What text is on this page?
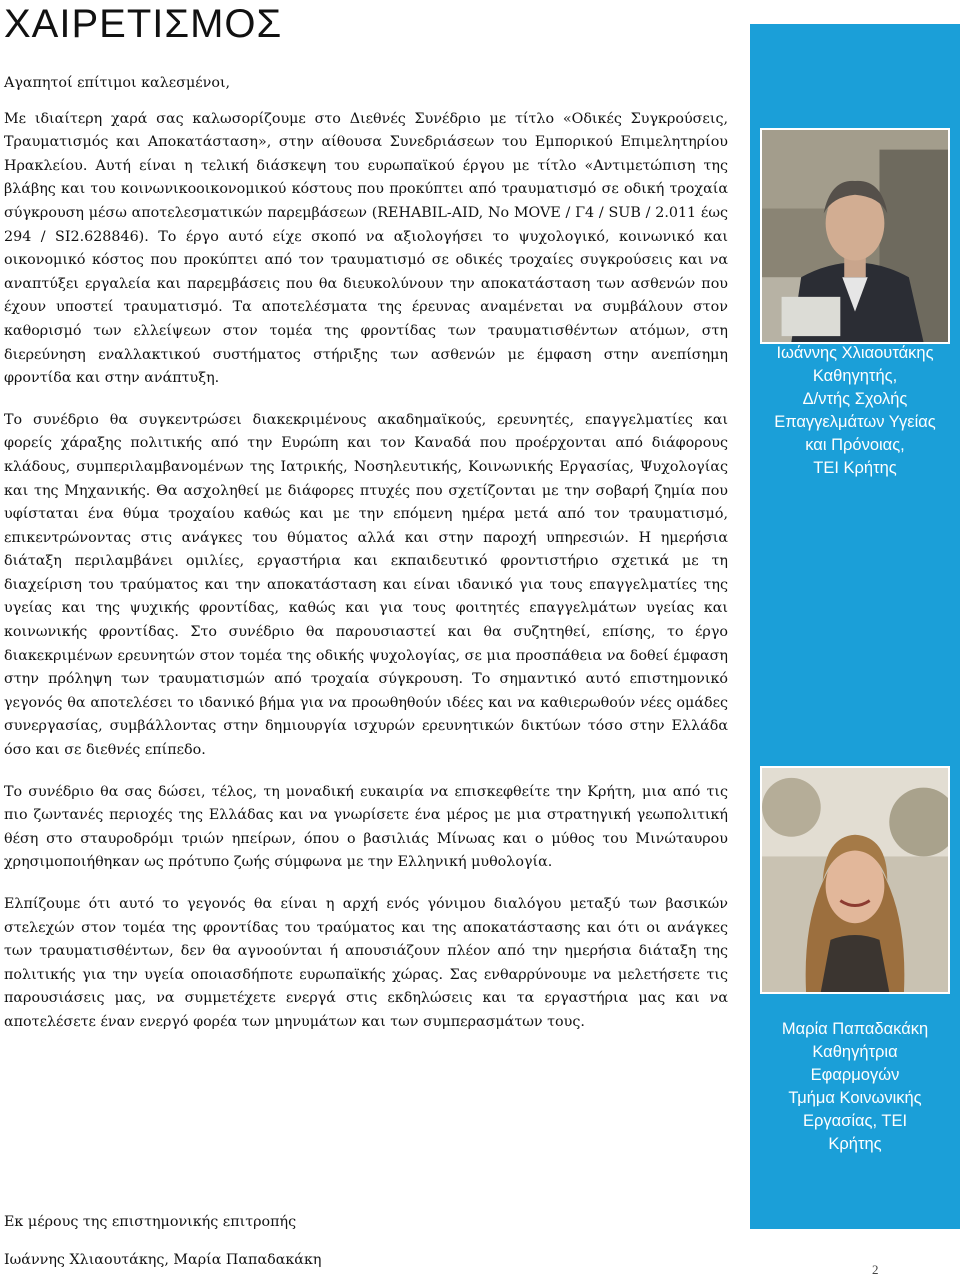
ΧΑΙΡΕΤΙΣΜΟΣ

Αγαπητοί επίτιμοι καλεσμένοι,

Με ιδιαίτερη χαρά σας καλωσορίζουμε στο Διεθνές Συνέδριο με τίτλο «Οδικές Συγκρούσεις, Τραυματισμός και Αποκατάσταση», στην αίθουσα Συνεδριάσεων του Εμπορικού Επιμελητηρίου Ηρακλείου. Αυτή είναι η τελική διάσκεψη του ευρωπαϊκού έργου με τίτλο «Αντιμετώπιση της βλάβης και του κοινωνικοοικονομικού κόστους που προκύπτει από τραυματισμό σε οδική τροχαία σύγκρουση μέσω αποτελεσματικών παρεμβάσεων (REHABIL-AID, No MOVE / Γ4 / SUB / 2.011 έως 294 / SI2.628846). Το έργο αυτό είχε σκοπό να αξιολογήσει το ψυχολογικό, κοινωνικό και οικονομικό κόστος που προκύπτει από τον τραυματισμό σε οδικές τροχαίες συγκρούσεις και να αναπτύξει εργαλεία και παρεμβάσεις που θα διευκολύνουν την αποκατάσταση των ασθενών που έχουν υποστεί τραυματισμό. Τα αποτελέσματα της έρευνας αναμένεται να συμβάλουν στον καθορισμό των ελλείψεων στον τομέα της φροντίδας των τραυματισθέντων ατόμων, στη διερεύνηση εναλλακτικού συστήματος στήριξης των ασθενών με έμφαση στην ανεπίσημη φροντίδα και στην ανάπτυξη.

Το συνέδριο θα συγκεντρώσει διακεκριμένους ακαδημαϊκούς, ερευνητές, επαγγελματίες και φορείς χάραξης πολιτικής από την Ευρώπη και τον Καναδά που προέρχονται από διάφορους κλάδους, συμπεριλαμβανομένων της Ιατρικής, Νοσηλευτικής, Κοινωνικής Εργασίας, Ψυχολογίας και της Μηχανικής. Θα ασχοληθεί με διάφορες πτυχές που σχετίζονται με την σοβαρή ζημία που υφίσταται ένα θύμα τροχαίου καθώς και με την επόμενη ημέρα μετά από τον τραυματισμό, επικεντρώνοντας στις ανάγκες του θύματος αλλά και στην παροχή υπηρεσιών. Η ημερήσια διάταξη περιλαμβάνει ομιλίες, εργαστήρια και εκπαιδευτικό φροντιστήριο σχετικά με τη διαχείριση του τραύματος και την αποκατάσταση και είναι ιδανικό για τους επαγγελματίες της υγείας και της ψυχικής φροντίδας, καθώς και για τους φοιτητές επαγγελμάτων υγείας και κοινωνικής φροντίδας. Στο συνέδριο θα παρουσιαστεί και θα συζητηθεί, επίσης, το έργο διακεκριμένων ερευνητών στον τομέα της οδικής ψυχολογίας, σε μια προσπάθεια να δοθεί έμφαση στην πρόληψη των τραυματισμών από τροχαία σύγκρουση. Το σημαντικό αυτό επιστημονικό γεγονός θα αποτελέσει το ιδανικό βήμα για να προωθηθούν ιδέες και να καθιερωθούν νέες ομάδες συνεργασίας, συμβάλλοντας στην δημιουργία ισχυρών ερευνητικών δικτύων τόσο στην Ελλάδα όσο και σε διεθνές επίπεδο.

Το συνέδριο θα σας δώσει, τέλος, τη μοναδική ευκαιρία να επισκεφθείτε την Κρήτη, μια από τις πιο ζωντανές περιοχές της Ελλάδας και να γνωρίσετε ένα μέρος με μια στρατηγική γεωπολιτική θέση στο σταυροδρόμι τριών ηπείρων, όπου ο βασιλιάς Μίνωας και ο μύθος του Μινώταυρου χρησιμοποιήθηκαν ως πρότυπο ζωής σύμφωνα με την Ελληνική μυθολογία.

Ελπίζουμε ότι αυτό το γεγονός θα είναι η αρχή ενός γόνιμου διαλόγου μεταξύ των βασικών στελεχών στον τομέα της φροντίδας του τραύματος και της αποκατάστασης και ότι οι ανάγκες των τραυματισθέντων, δεν θα αγνοούνται ή απουσιάζουν πλέον από την ημερήσια διάταξη της πολιτικής για την υγεία οποιασδήποτε ευρωπαϊκής χώρας. Σας ενθαρρύνουμε να μελετήσετε τις παρουσιάσεις μας, να συμμετέχετε ενεργά στις εκδηλώσεις και τα εργαστήρια μας και να αποτελέσετε έναν ενεργό φορέα των μηνυμάτων και των συμπερασμάτων τους.

Εκ μέρους της επιστημονικής επιτροπής
Ιωάννης Χλιαουτάκης, Μαρία Παπαδακάκη
Ιωάννης Χλιαουτάκης
Καθηγητής,
Δ/ντής Σχολής
Επαγγελμάτων Υγείας
και Πρόνοιας,
ΤΕΙ Κρήτης
Μαρία Παπαδακάκη
Καθηγήτρια
Εφαρμογών
Τμήμα Κοινωνικής
Εργασίας, ΤΕΙ
Κρήτης
2
